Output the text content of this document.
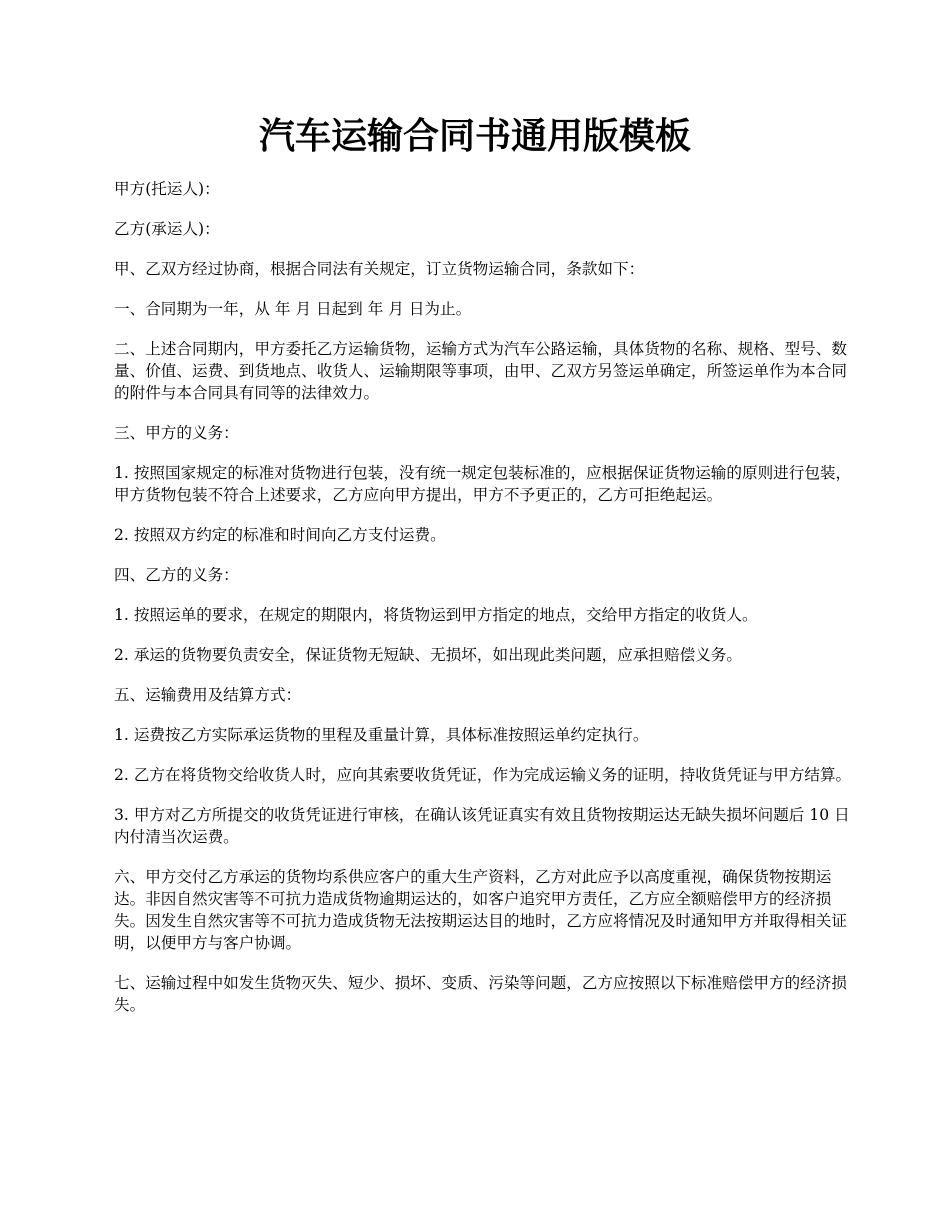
汽车运输合同书通用版模板

甲方(托运人)：

乙方(承运人)：

甲、乙双方经过协商，根据合同法有关规定，订立货物运输合同，条款如下：

一、合同期为一年，从 年 月 日起到 年 月 日为止。

二、上述合同期内，甲方委托乙方运输货物，运输方式为汽车公路运输，具体货物的名称、规格、型号、数量、价值、运费、到货地点、收货人、运输期限等事项，由甲、乙双方另签运单确定，所签运单作为本合同的附件与本合同具有同等的法律效力。

三、甲方的义务：

1. 按照国家规定的标准对货物进行包装，没有统一规定包装标准的，应根据保证货物运输的原则进行包装，甲方货物包装不符合上述要求，乙方应向甲方提出，甲方不予更正的，乙方可拒绝起运。

2. 按照双方约定的标准和时间向乙方支付运费。

四、乙方的义务：

1. 按照运单的要求，在规定的期限内，将货物运到甲方指定的地点，交给甲方指定的收货人。

2. 承运的货物要负责安全，保证货物无短缺、无损坏，如出现此类问题，应承担赔偿义务。

五、运输费用及结算方式：

1. 运费按乙方实际承运货物的里程及重量计算，具体标准按照运单约定执行。

2. 乙方在将货物交给收货人时，应向其索要收货凭证，作为完成运输义务的证明，持收货凭证与甲方结算。

3. 甲方对乙方所提交的收货凭证进行审核，在确认该凭证真实有效且货物按期运达无缺失损坏问题后 10 日内付清当次运费。

六、甲方交付乙方承运的货物均系供应客户的重大生产资料，乙方对此应予以高度重视，确保货物按期运达。非因自然灾害等不可抗力造成货物逾期运达的，如客户追究甲方责任，乙方应全额赔偿甲方的经济损失。因发生自然灾害等不可抗力造成货物无法按期运达目的地时，乙方应将情况及时通知甲方并取得相关证明，以便甲方与客户协调。

七、运输过程中如发生货物灭失、短少、损坏、变质、污染等问题，乙方应按照以下标准赔偿甲方的经济损失。
